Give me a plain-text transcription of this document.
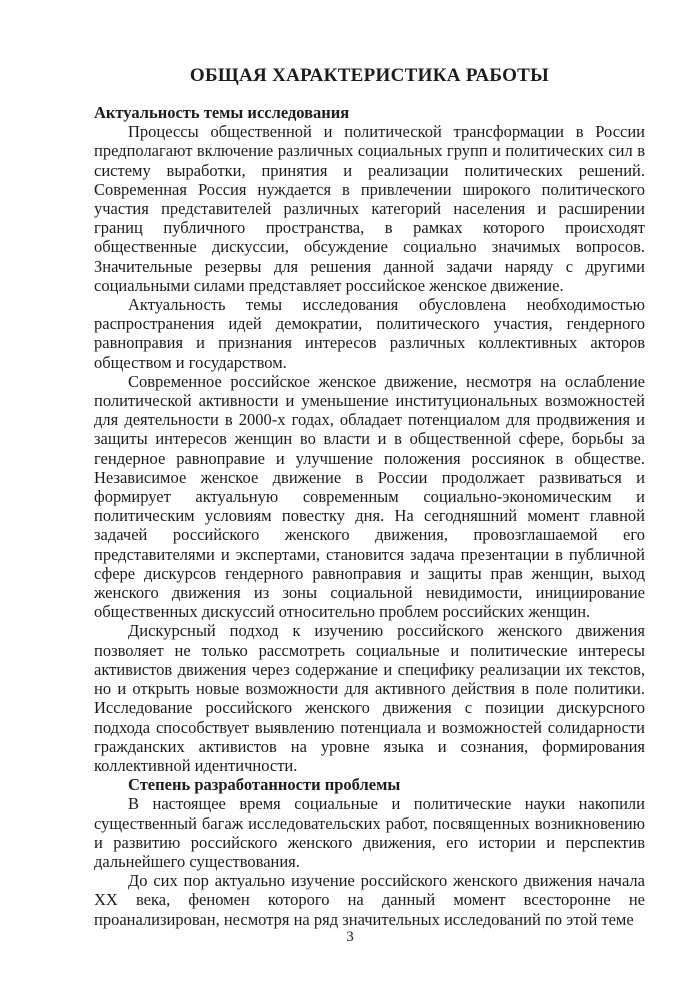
ОБЩАЯ ХАРАКТЕРИСТИКА РАБОТЫ
Актуальность темы исследования
Процессы общественной и политической трансформации в России предполагают включение различных социальных групп и политических сил в систему выработки, принятия и реализации политических решений. Современная Россия нуждается в привлечении широкого политического участия представителей различных категорий населения и расширении границ публичного пространства, в рамках которого происходят общественные дискуссии, обсуждение социально значимых вопросов. Значительные резервы для решения данной задачи наряду с другими социальными силами представляет российское женское движение.
Актуальность темы исследования обусловлена необходимостью распространения идей демократии, политического участия, гендерного равноправия и признания интересов различных коллективных акторов обществом и государством.
Современное российское женское движение, несмотря на ослабление политической активности и уменьшение институциональных возможностей для деятельности в 2000-х годах, обладает потенциалом для продвижения и защиты интересов женщин во власти и в общественной сфере, борьбы за гендерное равноправие и улучшение положения россиянок в обществе. Независимое женское движение в России продолжает развиваться и формирует актуальную современным социально-экономическим и политическим условиям повестку дня. На сегодняшний момент главной задачей российского женского движения, провозглашаемой его представителями и экспертами, становится задача презентации в публичной сфере дискурсов гендерного равноправия и защиты прав женщин, выход женского движения из зоны социальной невидимости, инициирование общественных дискуссий относительно проблем российских женщин.
Дискурсный подход к изучению российского женского движения позволяет не только рассмотреть социальные и политические интересы активистов движения через содержание и специфику реализации их текстов, но и открыть новые возможности для активного действия в поле политики. Исследование российского женского движения с позиции дискурсного подхода способствует выявлению потенциала и возможностей солидарности гражданских активистов на уровне языка и сознания, формирования коллективной идентичности.
Степень разработанности проблемы
В настоящее время социальные и политические науки накопили существенный багаж исследовательских работ, посвященных возникновению и развитию российского женского движения, его истории и перспектив дальнейшего существования.
До сих пор актуально изучение российского женского движения начала XX века, феномен которого на данный момент всесторонне не проанализирован, несмотря на ряд значительных исследований по этой теме
3
